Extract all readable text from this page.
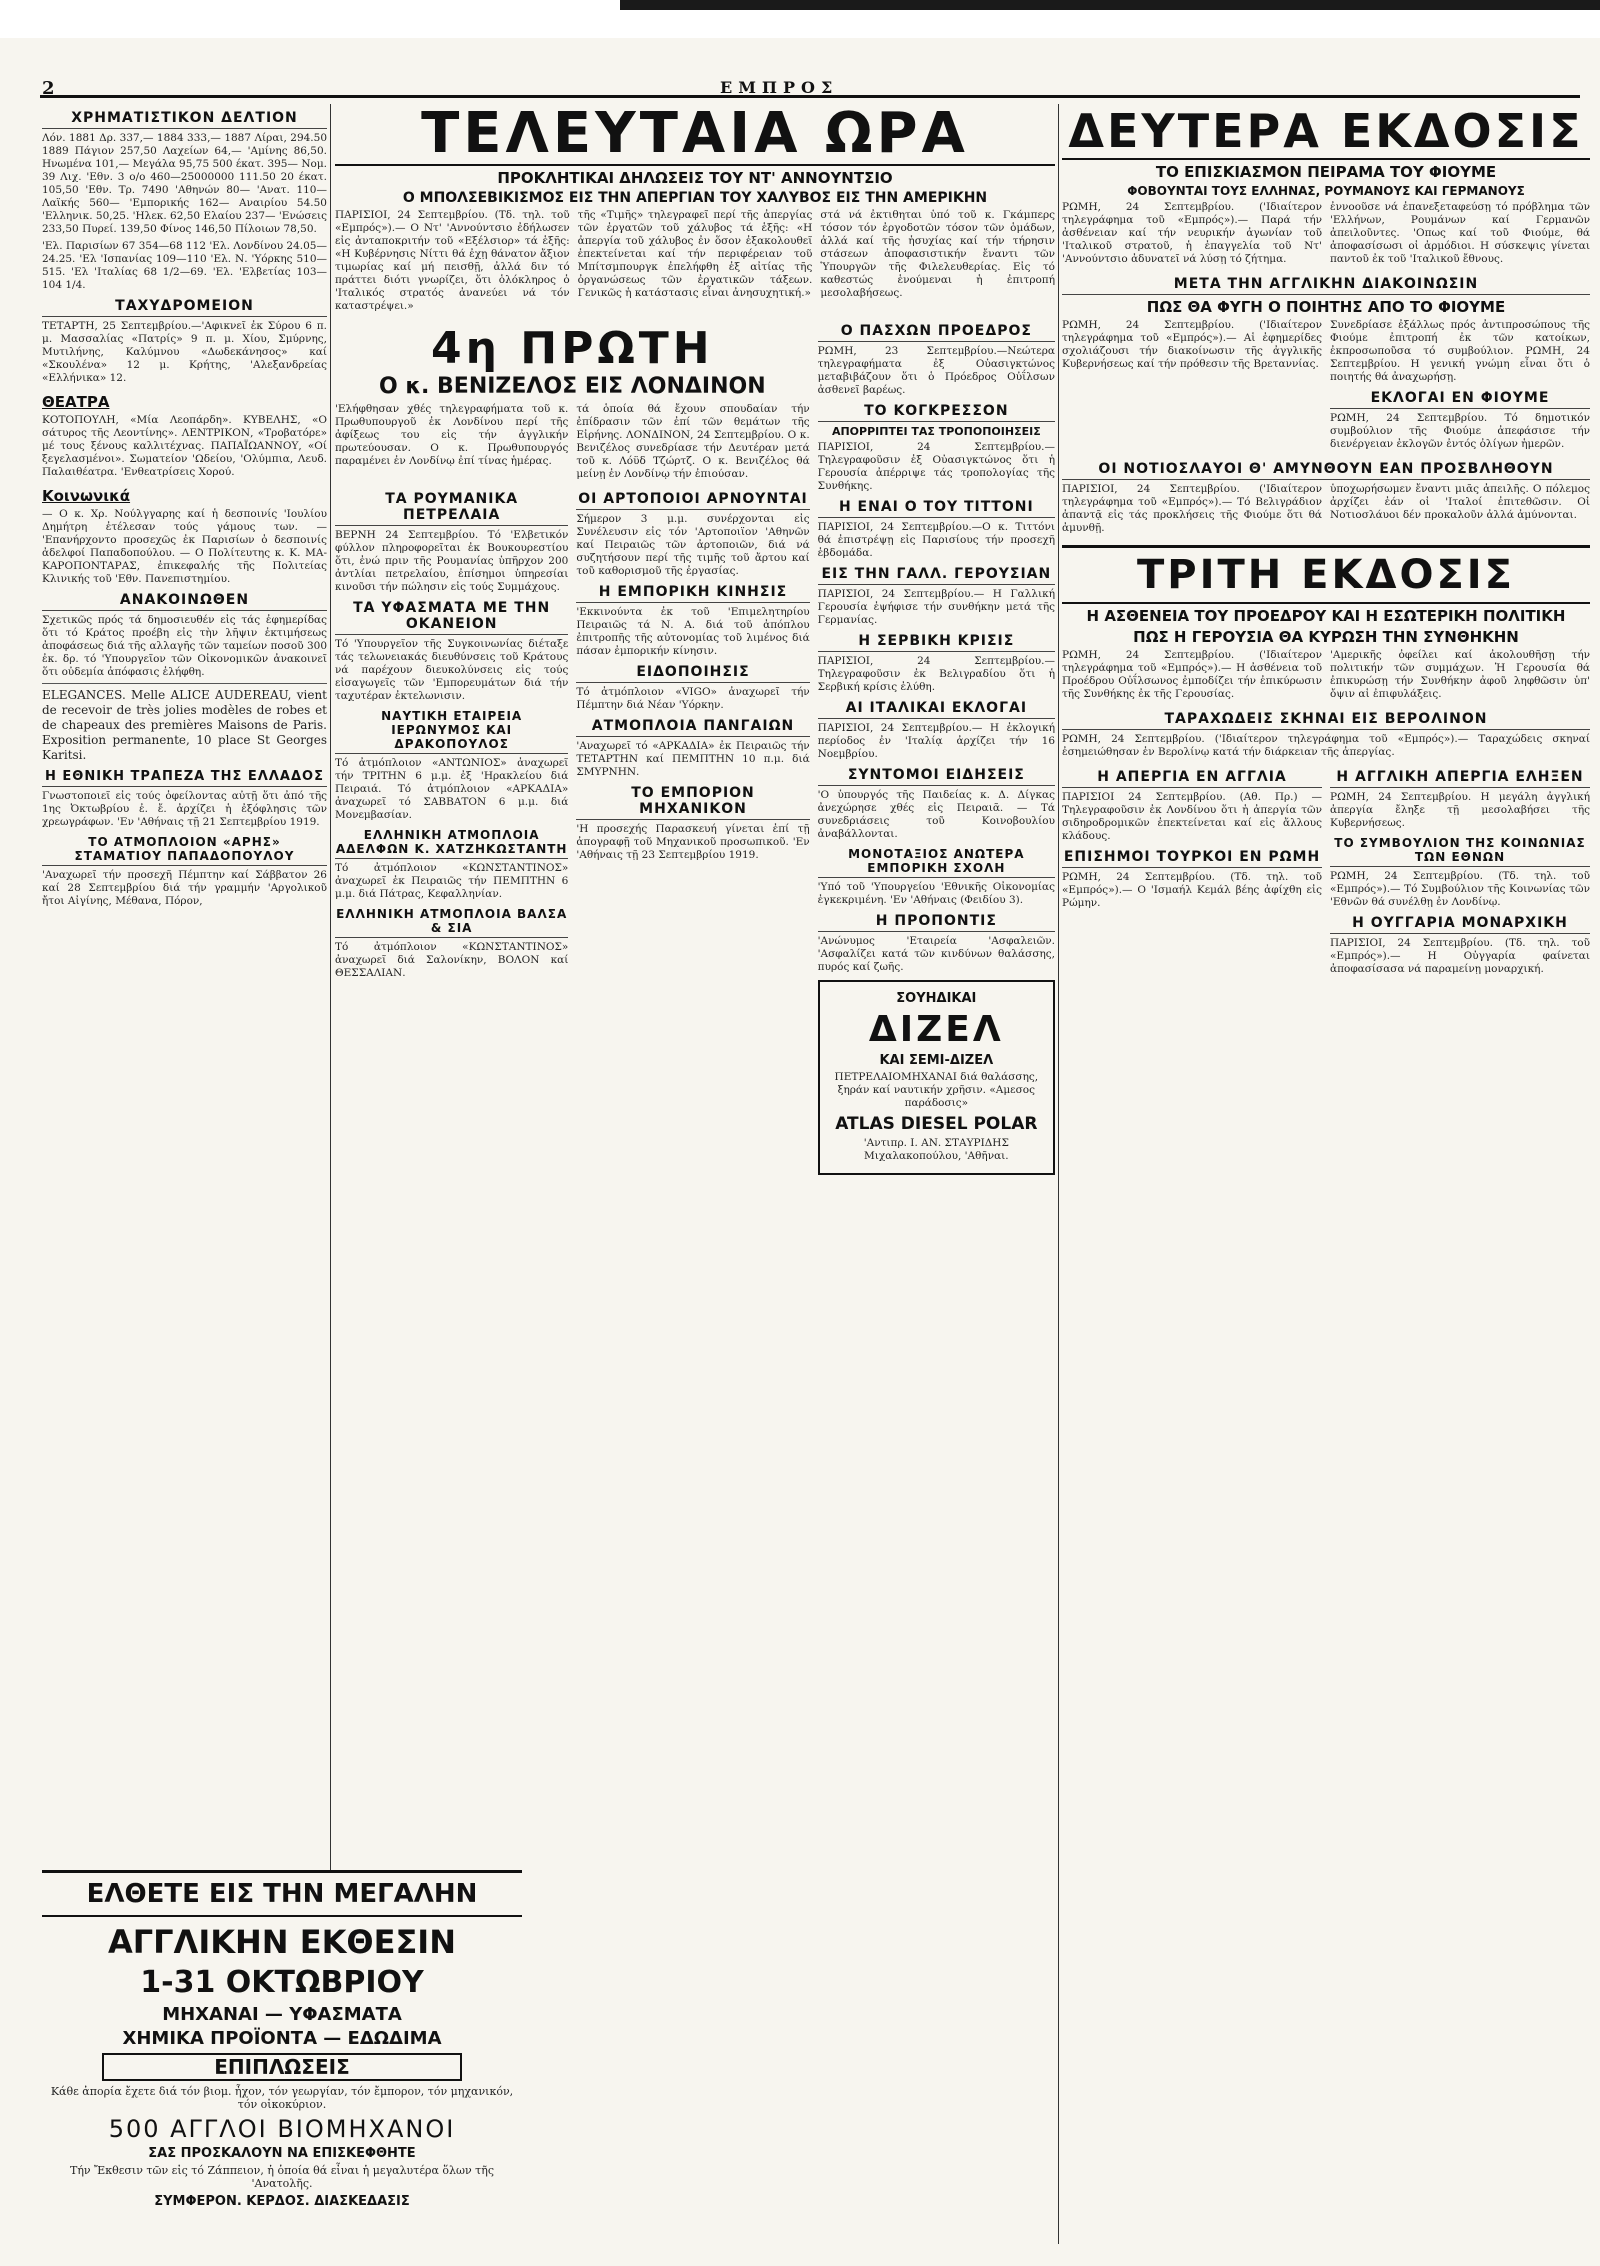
2	ΕΜΠΡΟΣ
ΧΡΗΜΑΤΙΣΤΙΚΟΝ ΔΕΛΤΙΟΝ

Λόν. 1881 Δρ. 337,— 1884 333,— 1887 Λίραι, 294.50 1889 Πάγιον 257,50 Λαχείων 64,— 'Αμίνης 86,50. Ηνωμένα 101,— Μεγάλα 95,75 500 έκατ. 395— Νομ. 39 Λιχ. 'Εθν. 3 ο/ο 460—25000000 111.50 20 έκατ. 105,50 'Εθν. Τρ. 7490 'Αθηνών 80— 'Ανατ. 110— Λαϊκής 560— 'Εμπορικής 162— Αναιρίου 54.50 'Ελληνικ. 50,25. 'Ηλεκ. 62,50 Ελαίου 237— 'Ενώσεις 233,50 Πυρεί. 139,50 Φίνος 146,50 Πίλοιων 78,50.

'Ελ. Παρισίων 67 354—68 112 'Ελ. Λονδίνου 24.05—24.25. 'Ελ 'Ισπανίας 109—110 'Ελ. Ν. 'Υόρκης 510—515. 'Ελ 'Ιταλίας 68 1/2—69. 'Ελ. 'Ελβετίας 103—104 1/4.

ΤΑΧΥΔΡΟΜΕΙΟΝ

ΤΕΤΑΡΤΗ, 25 Σεπτεμβρίου.—'Αφικνεῖ ἐκ Σύρου 6 π. μ. Μασσαλίας «Πατρίς» 9 π. μ. Χίου, Σμύρνης, Μυτιλήνης, Καλύμνου «Δωδεκάνησος» καί «Σκουλένα» 12 μ. Κρήτης, 'Αλεξανδρείας «Ελλήνικα» 12.

ΘΕΑΤΡΑ

ΚΟΤΟΠΟΥΛΗ, «Μία Λεοπάρδη». ΚΥΒΕΛΗΣ, «Ο σάτυρος τῆς Λεοντίνης». ΛΕΝΤΡΙΚΟΝ, «Τροβατόρε» μέ τους ξένους καλλιτέχνας. ΠΑΠΑΪΩΑΝΝΟΥ, «Οί ξεγελασμένοι». Σωματείον 'Ωδείου, 'Ολύμπια, Λευδ. Παλαιθέατρα. 'Ενθεατρίσεις Χορού.

Κοινωνικά

— Ο κ. Χρ. Νούλγγαρης καί ἡ δεσποινίς 'Ιουλίου Δημήτρη ἐτέλεσαν τούς γάμους των. — 'Επανήρχοντο προσεχῶς ἐκ Παρισίων ὁ δεσποινίς ἀδελφοί Παπαδοπούλου. — Ο Πολίτευτης κ. Κ. ΜΑ-ΚΑΡΟΠΟΝΤΑΡΑΣ, ἐπικεφαλής τῆς Πολιτείας Κλινικής τοῦ 'Εθν. Πανεπιστημίου.

ΑΝΑΚΟΙΝΩΘΕΝ

Σχετικῶς πρός τά δημοσιευθέν εἰς τάς ἐφημερίδας ὅτι τό Κράτος προέβη εἰς τὴν λῆψιν ἐκτιμήσεως ἀποφάσεως διά τῆς αλλαγῆς τῶν ταμείων ποσοῦ 300 ἐκ. δρ. τό 'Υπουργεῖον τῶν Οἰκονομικῶν ἀνακοινεῖ ὅτι οὐδεμία ἀπόφασις ἐλήφθη.

ELEGANCES. Melle ALICE AUDEREAU, vient de recevoir de très jolies modèles de robes et de chapeaux des premières Maisons de Paris. Exposition permanente, 10 place St Georges Karitsi.

Η ΕΘΝΙΚΗ ΤΡΑΠΕΖΑ ΤΗΣ ΕΛΛΑΔΟΣ

Γνωστοποιεῖ εἰς τούς ὀφείλοντας αὐτῇ ὅτι ἀπό τῆς 1ης Ὀκτωβρίου ἐ. ἔ. ἀρχίζει ἡ ἐξόφλησις τῶν χρεωγράφων. 'Εν 'Αθήναις τῇ 21 Σεπτεμβρίου 1919.

ΤΟ ΑΤΜΟΠΛΟΙΟΝ «ΑΡΗΣ» ΣΤΑΜΑΤΙΟΥ ΠΑΠΑΔΟΠΟΥΛΟΥ

'Αναχωρεῖ τήν προσεχῆ Πέμπτην καί Σάββατον 26 καί 28 Σεπτεμβρίου διά τήν γραμμήν 'Αργολικοῦ ἤτοι Αἰγίνης, Μέθανα, Πόρον,

ΤΕΛΕΥΤΑΙΑ ΩΡΑ
ΠΡΟΚΛΗΤΙΚΑΙ ΔΗΛΩΣΕΙΣ ΤΟΥ ΝΤ' ΑΝΝΟΥΝΤΣΙΟ
Ο ΜΠΟΛΣΕΒΙΚΙΣΜΟΣ ΕΙΣ ΤΗΝ ΑΠΕΡΓΙΑΝ ΤΟΥ ΧΑΛΥΒΟΣ ΕΙΣ ΤΗΝ ΑΜΕΡΙΚΗΝ

ΠΑΡΙΣΙΟΙ, 24 Σεπτεμβρίου. (Τδ. τηλ. τοῦ «Εμπρός»).— Ο Ντ' 'Αννούντσιο ἐδήλωσεν εἰς ἀνταποκριτήν τοῦ «Εξέλσιορ» τά ἑξῆς: «Η Κυβέρνησις Νίττι θά ἐχῃ θάνατον ἄξιον τιμωρίας καί μή πεισθῇ, ἀλλά διν τό πράττει διότι γνωρίζει, ὅτι ὁλόκληρος ὁ 'Ιταλικός στρατός ἀνανεύει νά τόν καταστρέψει.»

τῆς «Τιμῆς» τηλεγραφεῖ περί τῆς ἀπεργίας τῶν ἐργατῶν τοῦ χάλυβος τά ἑξῆς: «Η ἀπεργία τοῦ χάλυβος ἐν ὅσον ἐξακολουθεῖ ἐπεκτείνεται καί τήν περιφέρειαν τοῦ Μπίτσμπουργκ ἐπελήφθη ἐξ αἰτίας τῆς ὀργανώσεως τῶν ἐργατικῶν τάξεων. Γενικῶς ἡ κατάστασις εἶναι ἀνησυχητική.»

στά νά ἐκτιθηται ὑπό τοῦ κ. Γκάμπερς τόσον τόν ἐργοδοτῶν τόσον τῶν ὁμάδων, ἀλλά καί τῆς ἡσυχίας καί τήν τήρησιν στάσεων ἀποφασιστικήν ἔναντι τῶν Ὑπουργῶν τῆς Φιλελευθερίας. Εἰς τό καθεστώς ἑνούμεναι ἡ ἐπιτροπή μεσολαβήσεως.

4η ΠΡΩΤΗ
Ο κ. ΒΕΝΙΖΕΛΟΣ ΕΙΣ ΛΟΝΔΙΝΟΝ

'Ελήφθησαν χθές τηλεγραφήματα τοῦ κ. Πρωθυπουργοῦ ἐκ Λονδίνου περί τῆς ἀφίξεως του εἰς τήν ἀγγλικήν πρωτεύουσαν. Ο κ. Πρωθυπουργός παραμένει ἐν Λονδίνῳ ἐπί τίνας ἡμέρας.

τά ὁποία θά ἔχουν σπουδαίαν τήν ἐπίδρασιν τῶν ἐπί τῶν θεμάτων τῆς Εἰρήνης. ΛΟΝΔΙΝΟΝ, 24 Σεπτεμβρίου. Ο κ. Βενιζέλος συνεδρίασε τήν Δευτέραν μετά τοῦ κ. Λόϋδ Τζώρτζ. Ο κ. Βενιζέλος θά μείνῃ ἐν Λονδίνῳ τήν ἐπιούσαν.

ΤΑ ΡΟΥΜΑΝΙΚΑ ΠΕΤΡΕΛΑΙΑ

ΒΕΡΝΗ 24 Σεπτεμβρίου. Τό 'Ελβετικόν φύλλον πληροφορεῖται ἐκ Βουκουρεστίου ὅτι, ἐνώ πριν τῆς Ρουμανίας ὑπῆρχον 200 ἀντλίαι πετρελαίου, ἐπίσημοι ὑπηρεσίαι κινοῦσι τήν πώλησιν εἰς τούς Συμμάχους.

ΤΑ ΥΦΑΣΜΑΤΑ ΜΕ ΤΗΝ ΟΚΑΝΕΙΟΝ

Τό 'Υπουργεῖον τῆς Συγκοινωνίας διέταξε τάς τελωνειακάς διευθύνσεις τοῦ Κράτους νά παρέχουν διευκολύνσεις εἰς τούς εἰσαγωγεῖς τῶν 'Εμπορευμάτων διά τήν ταχυτέραν ἐκτελωνισιν.

ΝΑΥΤΙΚΗ ΕΤΑΙΡΕΙΑ ΙΕΡΩΝΥΜΟΣ ΚΑΙ ΔΡΑΚΟΠΟΥΛΟΣ

Τό ἀτμόπλοιον «ΑΝΤΩΝΙΟΣ» ἀναχωρεῖ τήν ΤΡΙΤΗΝ 6 μ.μ. ἐξ 'Ηρακλείου διά Πειραιά. Τό ἀτμόπλοιον «ΑΡΚΑΔΙΑ» ἀναχωρεῖ τό ΣΑΒΒΑΤΟΝ 6 μ.μ. διά Μονεμβασίαν.

ΕΛΛΗΝΙΚΗ ΑΤΜΟΠΛΟΙΑ ΑΔΕΛΦΩΝ Κ. ΧΑΤΖΗΚΩΣΤΑΝΤΗ

Τό ἀτμόπλοιον «ΚΩΝΣΤΑΝΤΙΝΟΣ» ἀναχωρεῖ ἐκ Πειραιῶς τήν ΠΕΜΠΤΗΝ 6 μ.μ. διά Πάτρας, Κεφαλληνίαν.

ΕΛΛΗΝΙΚΗ ΑΤΜΟΠΛΟΙΑ ΒΑΛΣΑ & ΣΙΑ

Τό ἀτμόπλοιον «ΚΩΝΣΤΑΝΤΙΝΟΣ» ἀναχωρεῖ διά Σαλονίκην, ΒΟΛΟΝ καί ΘΕΣΣΑΛΙΑΝ.

ΟΙ ΑΡΤΟΠΟΙΟΙ ΑΡΝΟΥΝΤΑΙ

Σήμερον 3 μ.μ. συνέρχονται εἰς Συνέλευσιν εἰς τόν 'Αρτοποιϊον 'Αθηνῶν καί Πειραιῶς τῶν ἀρτοποιῶν, διά νά συζητήσουν περί τῆς τιμῆς τοῦ ἄρτου καί τοῦ καθορισμοῦ τῆς ἐργασίας.

Η ΕΜΠΟΡΙΚΗ ΚΙΝΗΣΙΣ

'Εκκινούντα ἐκ τοῦ 'Επιμελητηρίου Πειραιῶς τά Ν. Α. διά τοῦ ἀπόπλου ἐπιτροπῆς τῆς αὐτονομίας τοῦ λιμένος διά πάσαν ἐμπορικήν κίνησιν.

ΕΙΔΟΠΟΙΗΣΙΣ

Τό ἀτμόπλοιον «VIGO» ἀναχωρεῖ τήν Πέμπτην διά Νέαν 'Υόρκην.

ΑΤΜΟΠΛΟΙΑ ΠΑΝΓΑΙΩΝ

'Αναχωρεῖ τό «ΑΡΚΑΔΙΑ» ἐκ Πειραιῶς τήν ΤΕΤΑΡΤΗΝ καί ΠΕΜΠΤΗΝ 10 π.μ. διά ΣΜΥΡΝΗΝ.

ΤΟ ΕΜΠΟΡΙΟΝ ΜΗΧΑΝΙΚΟΝ

'Η προσεχής Παρασκευή γίνεται ἐπί τῇ ἀπογραφῇ τοῦ Μηχανικοῦ προσωπικοῦ. 'Εν 'Αθήναις τῇ 23 Σεπτεμβρίου 1919.

Ο ΠΑΣΧΩΝ ΠΡΟΕΔΡΟΣ

ΡΩΜΗ, 23 Σεπτεμβρίου.—Νεώτερα τηλεγραφήματα ἐξ Οὐασιγκτώνος μεταβιβάζουν ὅτι ὁ Πρόεδρος Οὐΐλσων ἀσθενεῖ βαρέως.

ΤΟ ΚΟΓΚΡΕΣΣΟΝ
ΑΠΟΡΡΙΠΤΕΙ ΤΑΣ ΤΡΟΠΟΠΟΙΗΣΕΙΣ

ΠΑΡΙΣΙΟΙ, 24 Σεπτεμβρίου.—Τηλεγραφοῦσιν ἐξ Οὐασιγκτώνος ὅτι ἡ Γερουσία ἀπέρριψε τάς τροπολογίας τῆς Συνθήκης.

Η ΕΝΑΙ Ο ΤΟΥ ΤΙΤΤΟΝΙ

ΠΑΡΙΣΙΟΙ, 24 Σεπτεμβρίου.—Ο κ. Τιττόνι θά ἐπιστρέψῃ εἰς Παρισίους τήν προσεχῆ ἑβδομάδα.

ΕΙΣ ΤΗΝ ΓΑΛΛ. ΓΕΡΟΥΣΙΑΝ

ΠΑΡΙΣΙΟΙ, 24 Σεπτεμβρίου.— Η Γαλλική Γερουσία ἐψήφισε τήν συνθήκην μετά τῆς Γερμανίας.

Η ΣΕΡΒΙΚΗ ΚΡΙΣΙΣ

ΠΑΡΙΣΙΟΙ, 24 Σεπτεμβρίου.— Τηλεγραφοῦσιν ἐκ Βελιγραδίου ὅτι ἡ Σερβική κρίσις ἐλύθη.

ΑΙ ΙΤΑΛΙΚΑΙ ΕΚΛΟΓΑΙ

ΠΑΡΙΣΙΟΙ, 24 Σεπτεμβρίου.— Η ἐκλογική περίοδος ἐν 'Ιταλίᾳ ἀρχίζει τήν 16 Νοεμβρίου.

ΣΥΝΤΟΜΟΙ ΕΙΔΗΣΕΙΣ

'Ο ὑπουργός τῆς Παιδείας κ. Δ. Δίγκας ἀνεχώρησε χθές εἰς Πειραιᾶ. — Τά συνεδριάσεις τοῦ Κοινοβουλίου ἀναβάλλονται.

ΜΟΝΟΤΑΞΙΟΣ ΑΝΩΤΕΡΑ ΕΜΠΟΡΙΚΗ ΣΧΟΛΗ

'Υπό τοῦ 'Υπουργείου 'Εθνικῆς Οἰκονομίας ἐγκεκριμένη. 'Εν 'Αθήναις (Φειδίου 3).

Η ΠΡΟΠΟΝΤΙΣ

'Ανώνυμος 'Εταιρεία 'Ασφαλειῶν. 'Ασφαλίζει κατά τῶν κινδύνων θαλάσσης, πυρός καί ζωῆς.

ΣΟΥΗΔΙΚΑΙ
ΔΙΖΕΛ
ΚΑΙ ΣΕΜΙ-ΔΙΖΕΛ

ΠΕΤΡΕΛΑΙΟΜΗΧΑΝΑΙ διά θαλάσσης, ξηράν καί ναυτικήν χρῆσιν. «Αμεσος παράδοσις»

ATLAS DIESEL POLAR

'Αντιπρ. Ι. ΑΝ. ΣΤΑΥΡΙΔΗΣ Μιχαλακοπούλου, 'Αθῆναι.

ΕΛΘΕΤΕ ΕΙΣ ΤΗΝ ΜΕΓΑΛΗΝ
ΑΓΓΛΙΚΗΝ ΕΚΘΕΣΙΝ
1-31 ΟΚΤΩΒΡΙΟΥ
ΜΗΧΑΝΑΙ — ΥΦΑΣΜΑΤΑ
ΧΗΜΙΚΑ ΠΡΟΪΟΝΤΑ — ΕΔΩΔΙΜΑ
ΕΠΙΠΛΩΣΕΙΣ

Κάθε ἀπορία ἔχετε διά τόν βιομ. ἦχον, τόν γεωργίαν, τόν ἔμπορον, τόν μηχανικόν, τόν οἰκοκύριον.

500 ΑΓΓΛΟΙ ΒΙΟΜΗΧΑΝΟΙ
ΣΑΣ ΠΡΟΣΚΑΛΟΥΝ ΝΑ ΕΠΙΣΚΕΦΘΗΤΕ

Τήν Ἔκθεσιν τῶν εἰς τό Ζάππειον, ἡ ὁποία θά εἶναι ἡ μεγαλυτέρα ὅλων τῆς 'Ανατολῆς.

ΣΥΜΦΕΡΟΝ. ΚΕΡΔΟΣ. ΔΙΑΣΚΕΔΑΣΙΣ
ΔΕΥΤΕΡΑ ΕΚΔΟΣΙΣ
ΤΟ ΕΠΙΣΚΙΑΣΜΟΝ ΠΕΙΡΑΜΑ ΤΟΥ ΦΙΟΥΜΕ
ΦΟΒΟΥΝΤΑΙ ΤΟΥΣ ΕΛΛΗΝΑΣ, ΡΟΥΜΑΝΟΥΣ ΚΑΙ ΓΕΡΜΑΝΟΥΣ

ΡΩΜΗ, 24 Σεπτεμβρίου. ('Ιδιαίτερον τηλεγράφημα τοῦ «Εμπρός»).— Παρά τήν ἀσθένειαν καί τήν νευρικήν ἀγωνίαν τοῦ 'Ιταλικοῦ στρατοῦ, ἡ ἐπαγγελία τοῦ Ντ' 'Αννούντσιο ἀδυνατεῖ νά λύσῃ τό ζήτημα.

ἐννοοῦσε νά ἐπανεξεταφεύσῃ τό πρόβλημα τῶν 'Ελλήνων, Ρουμάνων καί Γερμανῶν ἀπειλοῦντες. 'Οπως καί τοῦ Φιούμε, θά ἀποφασίσωσι οἱ ἀρμόδιοι. Η σύσκεψις γίνεται παντοῦ ἐκ τοῦ 'Ιταλικοῦ ἔθνους.

ΜΕΤΑ ΤΗΝ ΑΓΓΛΙΚΗΝ ΔΙΑΚΟΙΝΩΣΙΝ
ΠΩΣ ΘΑ ΦΥΓΗ Ο ΠΟΙΗΤΗΣ ΑΠΟ ΤΟ ΦΙΟΥΜΕ

ΡΩΜΗ, 24 Σεπτεμβρίου. ('Ιδιαίτερον τηλεγράφημα τοῦ «Εμπρός»).— Αἱ ἐφημερίδες σχολιάζουσι τήν διακοίνωσιν τῆς ἀγγλικῆς Κυβερνήσεως καί τήν πρόθεσιν τῆς Βρεταννίας.

Συνεδρίασε ἐξάλλως πρός ἀντιπροσώπους τῆς Φιούμε ἐπιτροπή ἐκ τῶν κατοίκων, ἐκπροσωποῦσα τό συμβούλιον. ΡΩΜΗ, 24 Σεπτεμβρίου. Η γενική γνώμη εἶναι ὅτι ὁ ποιητής θά ἀναχωρήσῃ.

ΕΚΛΟΓΑΙ ΕΝ ΦΙΟΥΜΕ

ΡΩΜΗ, 24 Σεπτεμβρίου. Τό δημοτικόν συμβούλιον τῆς Φιούμε ἀπεφάσισε τήν διενέργειαν ἐκλογῶν ἐντός ὀλίγων ἡμερῶν.

ΟΙ ΝΟΤΙΟΣΛΑΥΟΙ Θ' ΑΜΥΝΘΟΥΝ ΕΑΝ ΠΡΟΣΒΛΗΘΟΥΝ

ΠΑΡΙΣΙΟΙ, 24 Σεπτεμβρίου. ('Ιδιαίτερον τηλεγράφημα τοῦ «Εμπρός»).— Τό Βελιγράδιον ἀπαντᾷ εἰς τάς προκλήσεις τῆς Φιούμε ὅτι θά ἀμυνθῇ.

ὑποχωρήσωμεν ἔναντι μιᾶς ἀπειλῆς. Ο πόλεμος ἀρχίζει ἐάν οἱ 'Ιταλοί ἐπιτεθῶσιν. Οἱ Νοτιοσλάυοι δέν προκαλοῦν ἀλλά ἀμύνονται.

ΤΡΙΤΗ ΕΚΔΟΣΙΣ
Η ΑΣΘΕΝΕΙΑ ΤΟΥ ΠΡΟΕΔΡΟΥ ΚΑΙ Η ΕΣΩΤΕΡΙΚΗ ΠΟΛΙΤΙΚΗ
ΠΩΣ Η ΓΕΡΟΥΣΙΑ ΘΑ ΚΥΡΩΣΗ ΤΗΝ ΣΥΝΘΗΚΗΝ

ΡΩΜΗ, 24 Σεπτεμβρίου. ('Ιδιαίτερον τηλεγράφημα τοῦ «Εμπρός»).— Η ἀσθένεια τοῦ Προέδρου Οὐΐλσωνος ἐμποδίζει τήν ἐπικύρωσιν τῆς Συνθήκης ἐκ τῆς Γερουσίας.

'Αμερικῆς ὀφείλει καί ἀκολουθῆσῃ τήν πολιτικήν τῶν συμμάχων. Ἡ Γερουσία θά ἐπικυρώσῃ τήν Συνθήκην ἀφοῦ ληφθῶσιν ὑπ' ὄψιν αἱ ἐπιφυλάξεις.

ΤΑΡΑΧΩΔΕΙΣ ΣΚΗΝΑΙ ΕΙΣ ΒΕΡΟΛΙΝΟΝ

ΡΩΜΗ, 24 Σεπτεμβρίου. ('Ιδιαίτερον τηλεγράφημα τοῦ «Εμπρός»).— Ταραχώδεις σκηναί ἐσημειώθησαν ἐν Βερολίνῳ κατά τήν διάρκειαν τῆς ἀπεργίας.

Η ΑΠΕΡΓΙΑ ΕΝ ΑΓΓΛΙΑ

ΠΑΡΙΣΙΟΙ 24 Σεπτεμβρίου. (Αθ. Πρ.) — Τηλεγραφοῦσιν ἐκ Λονδίνου ὅτι ἡ ἀπεργία τῶν σιδηροδρομικῶν ἐπεκτείνεται καί εἰς ἄλλους κλάδους.

ΕΠΙΣΗΜΟΙ ΤΟΥΡΚΟΙ ΕΝ ΡΩΜΗ

ΡΩΜΗ, 24 Σεπτεμβρίου. (Τδ. τηλ. τοῦ «Εμπρός»).— Ο 'Ισμαήλ Κεμάλ βέης ἀφίχθη εἰς Ρώμην.

Η ΑΓΓΛΙΚΗ ΑΠΕΡΓΙΑ ΕΛΗΞΕΝ

ΡΩΜΗ, 24 Σεπτεμβρίου. Η μεγάλη ἀγγλική ἀπεργία ἔληξε τῇ μεσολαβήσει τῆς Κυβερνήσεως.

ΤΟ ΣΥΜΒΟΥΛΙΟΝ ΤΗΣ ΚΟΙΝΩΝΙΑΣ ΤΩΝ ΕΘΝΩΝ

ΡΩΜΗ, 24 Σεπτεμβρίου. (Τδ. τηλ. τοῦ «Εμπρός»).— Τό Συμβούλιον τῆς Κοινωνίας τῶν 'Εθνῶν θά συνέλθῃ ἐν Λονδίνῳ.

Η ΟΥΓΓΑΡΙΑ ΜΟΝΑΡΧΙΚΗ

ΠΑΡΙΣΙΟΙ, 24 Σεπτεμβρίου. (Τδ. τηλ. τοῦ «Εμπρός»).— Η Οὐγγαρία φαίνεται ἀποφασίσασα νά παραμείνῃ μοναρχική.
